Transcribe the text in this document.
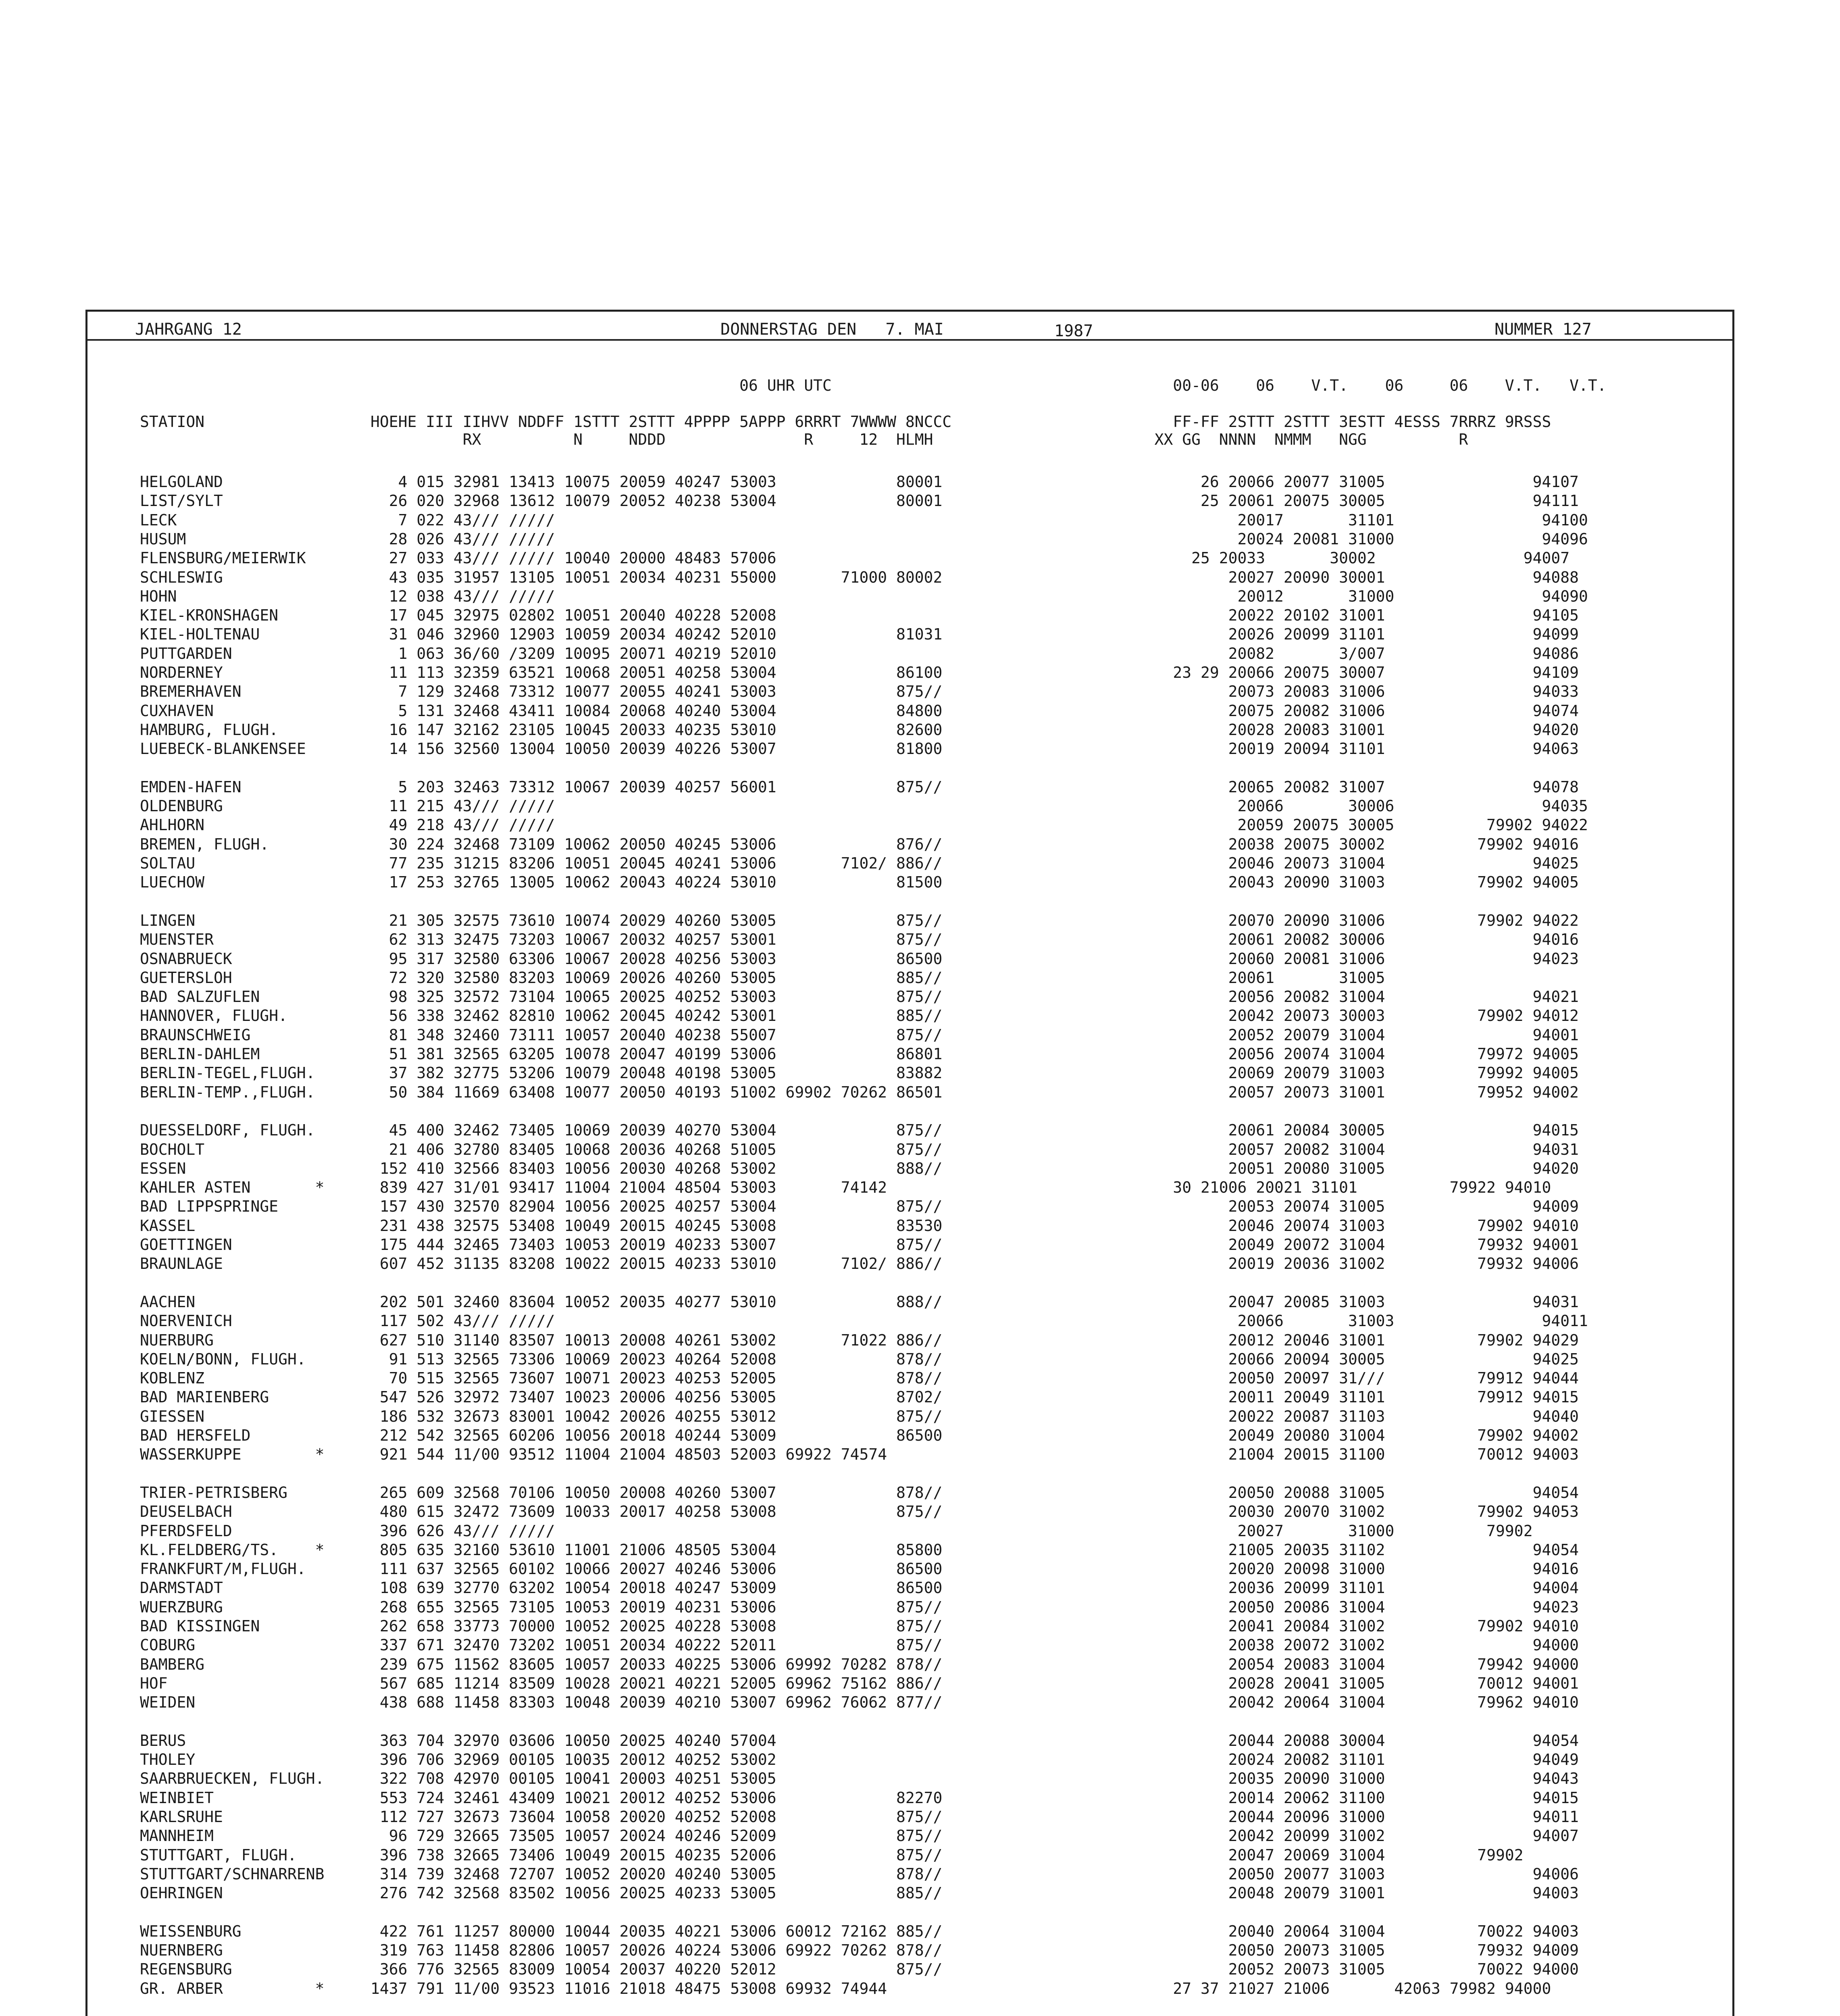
JAHRGANG 12	DONNERSTAG DEN   7. MAI	1987	NUMMER 127
06 UHR UTC                                     00-06    06    V.T.    06     06    V.T.   V.T.
STATION                  HOEHE III IIHVV NDDFF 1STTT 2STTT 4PPPP 5APPP 6RRRT 7WWWW 8NCCC                        FF-FF 2STTT 2STTT 3ESTT 4ESSS 7RRRZ 9RSSS
RX          N     NDDD               R     12  HLMH                        XX GG  NNNN  NMMM   NGG          R
HELGOLAND                   4 015 32981 13413 10075 20059 40247 53003             80001                            26 20066 20077 31005                94107
LIST/SYLT                  26 020 32968 13612 10079 20052 40238 53004             80001                            25 20061 20075 30005                94111
LECK                        7 022 43/// /////                                                                          20017       31101                94100
HUSUM                      28 026 43/// /////                                                                          20024 20081 31000                94096
FLENSBURG/MEIERWIK         27 033 43/// ///// 10040 20000 48483 57006                                             25 20033       30002                94007
SCHLESWIG                  43 035 31957 13105 10051 20034 40231 55000       71000 80002                               20027 20090 30001                94088
HOHN                       12 038 43/// /////                                                                          20012       31000                94090
KIEL-KRONSHAGEN            17 045 32975 02802 10051 20040 40228 52008                                                 20022 20102 31001                94105
KIEL-HOLTENAU              31 046 32960 12903 10059 20034 40242 52010             81031                               20026 20099 31101                94099
PUTTGARDEN                  1 063 36/60 /3209 10095 20071 40219 52010                                                 20082       3/007                94086
NORDERNEY                  11 113 32359 63521 10068 20051 40258 53004             86100                         23 29 20066 20075 30007                94109
BREMERHAVEN                 7 129 32468 73312 10077 20055 40241 53003             875//                               20073 20083 31006                94033
CUXHAVEN                    5 131 32468 43411 10084 20068 40240 53004             84800                               20075 20082 31006                94074
HAMBURG, FLUGH.            16 147 32162 23105 10045 20033 40235 53010             82600                               20028 20083 31001                94020
LUEBECK-BLANKENSEE         14 156 32560 13004 10050 20039 40226 53007             81800                               20019 20094 31101                94063
EMDEN-HAFEN                 5 203 32463 73312 10067 20039 40257 56001             875//                               20065 20082 31007                94078
OLDENBURG                  11 215 43/// /////                                                                          20066       30006                94035
AHLHORN                    49 218 43/// /////                                                                          20059 20075 30005          79902 94022
BREMEN, FLUGH.             30 224 32468 73109 10062 20050 40245 53006             876//                               20038 20075 30002          79902 94016
SOLTAU                     77 235 31215 83206 10051 20045 40241 53006       7102/ 886//                               20046 20073 31004                94025
LUECHOW                    17 253 32765 13005 10062 20043 40224 53010             81500                               20043 20090 31003          79902 94005
LINGEN                     21 305 32575 73610 10074 20029 40260 53005             875//                               20070 20090 31006          79902 94022
MUENSTER                   62 313 32475 73203 10067 20032 40257 53001             875//                               20061 20082 30006                94016
OSNABRUECK                 95 317 32580 63306 10067 20028 40256 53003             86500                               20060 20081 31006                94023
GUETERSLOH                 72 320 32580 83203 10069 20026 40260 53005             885//                               20061       31005
BAD SALZUFLEN              98 325 32572 73104 10065 20025 40252 53003             875//                               20056 20082 31004                94021
HANNOVER, FLUGH.           56 338 32462 82810 10062 20045 40242 53001             885//                               20042 20073 30003          79902 94012
BRAUNSCHWEIG               81 348 32460 73111 10057 20040 40238 55007             875//                               20052 20079 31004                94001
BERLIN-DAHLEM              51 381 32565 63205 10078 20047 40199 53006             86801                               20056 20074 31004          79972 94005
BERLIN-TEGEL,FLUGH.        37 382 32775 53206 10079 20048 40198 53005             83882                               20069 20079 31003          79992 94005
BERLIN-TEMP.,FLUGH.        50 384 11669 63408 10077 20050 40193 51002 69902 70262 86501                               20057 20073 31001          79952 94002
DUESSELDORF, FLUGH.        45 400 32462 73405 10069 20039 40270 53004             875//                               20061 20084 30005                94015
BOCHOLT                    21 406 32780 83405 10068 20036 40268 51005             875//                               20057 20082 31004                94031
ESSEN                     152 410 32566 83403 10056 20030 40268 53002             888//                               20051 20080 31005                94020
KAHLER ASTEN       *      839 427 31/01 93417 11004 21004 48504 53003       74142                               30 21006 20021 31101          79922 94010
BAD LIPPSPRINGE           157 430 32570 82904 10056 20025 40257 53004             875//                               20053 20074 31005                94009
KASSEL                    231 438 32575 53408 10049 20015 40245 53008             83530                               20046 20074 31003          79902 94010
GOETTINGEN                175 444 32465 73403 10053 20019 40233 53007             875//                               20049 20072 31004          79932 94001
BRAUNLAGE                 607 452 31135 83208 10022 20015 40233 53010       7102/ 886//                               20019 20036 31002          79932 94006
AACHEN                    202 501 32460 83604 10052 20035 40277 53010             888//                               20047 20085 31003                94031
NOERVENICH                117 502 43/// /////                                                                          20066       31003                94011
NUERBURG                  627 510 31140 83507 10013 20008 40261 53002       71022 886//                               20012 20046 31001          79902 94029
KOELN/BONN, FLUGH.         91 513 32565 73306 10069 20023 40264 52008             878//                               20066 20094 30005                94025
KOBLENZ                    70 515 32565 73607 10071 20023 40253 52005             878//                               20050 20097 31///          79912 94044
BAD MARIENBERG            547 526 32972 73407 10023 20006 40256 53005             8702/                               20011 20049 31101          79912 94015
GIESSEN                   186 532 32673 83001 10042 20026 40255 53012             875//                               20022 20087 31103                94040
BAD HERSFELD              212 542 32565 60206 10056 20018 40244 53009             86500                               20049 20080 31004          79902 94002
WASSERKUPPE        *      921 544 11/00 93512 11004 21004 48503 52003 69922 74574                                     21004 20015 31100          70012 94003
TRIER-PETRISBERG          265 609 32568 70106 10050 20008 40260 53007             878//                               20050 20088 31005                94054
DEUSELBACH                480 615 32472 73609 10033 20017 40258 53008             875//                               20030 20070 31002          79902 94053
PFERDSFELD                396 626 43/// /////                                                                          20027       31000          79902
KL.FELDBERG/TS.    *      805 635 32160 53610 11001 21006 48505 53004             85800                               21005 20035 31102                94054
FRANKFURT/M,FLUGH.        111 637 32565 60102 10066 20027 40246 53006             86500                               20020 20098 31000                94016
DARMSTADT                 108 639 32770 63202 10054 20018 40247 53009             86500                               20036 20099 31101                94004
WUERZBURG                 268 655 32565 73105 10053 20019 40231 53006             875//                               20050 20086 31004                94023
BAD KISSINGEN             262 658 33773 70000 10052 20025 40228 53008             875//                               20041 20084 31002          79902 94010
COBURG                    337 671 32470 73202 10051 20034 40222 52011             875//                               20038 20072 31002                94000
BAMBERG                   239 675 11562 83605 10057 20033 40225 53006 69992 70282 878//                               20054 20083 31004          79942 94000
HOF                       567 685 11214 83509 10028 20021 40221 52005 69962 75162 886//                               20028 20041 31005          70012 94001
WEIDEN                    438 688 11458 83303 10048 20039 40210 53007 69962 76062 877//                               20042 20064 31004          79962 94010
BERUS                     363 704 32970 03606 10050 20025 40240 57004                                                 20044 20088 30004                94054
THOLEY                    396 706 32969 00105 10035 20012 40252 53002                                                 20024 20082 31101                94049
SAARBRUECKEN, FLUGH.      322 708 42970 00105 10041 20003 40251 53005                                                 20035 20090 31000                94043
WEINBIET                  553 724 32461 43409 10021 20012 40252 53006             82270                               20014 20062 31100                94015
KARLSRUHE                 112 727 32673 73604 10058 20020 40252 52008             875//                               20044 20096 31000                94011
MANNHEIM                   96 729 32665 73505 10057 20024 40246 52009             875//                               20042 20099 31002                94007
STUTTGART, FLUGH.         396 738 32665 73406 10049 20015 40235 52006             875//                               20047 20069 31004          79902
STUTTGART/SCHNARRENB      314 739 32468 72707 10052 20020 40240 53005             878//                               20050 20077 31003                94006
OEHRINGEN                 276 742 32568 83502 10056 20025 40233 53005             885//                               20048 20079 31001                94003
WEISSENBURG               422 761 11257 80000 10044 20035 40221 53006 60012 72162 885//                               20040 20064 31004          70022 94003
NUERNBERG                 319 763 11458 82806 10057 20026 40224 53006 69922 70262 878//                               20050 20073 31005          79932 94009
REGENSBURG                366 776 32565 83009 10054 20037 40220 52012             875//                               20052 20073 31005          70022 94000
GR. ARBER          *     1437 791 11/00 93523 11016 21018 48475 53008 69932 74944                               27 37 21027 21006       42063 79982 94000
